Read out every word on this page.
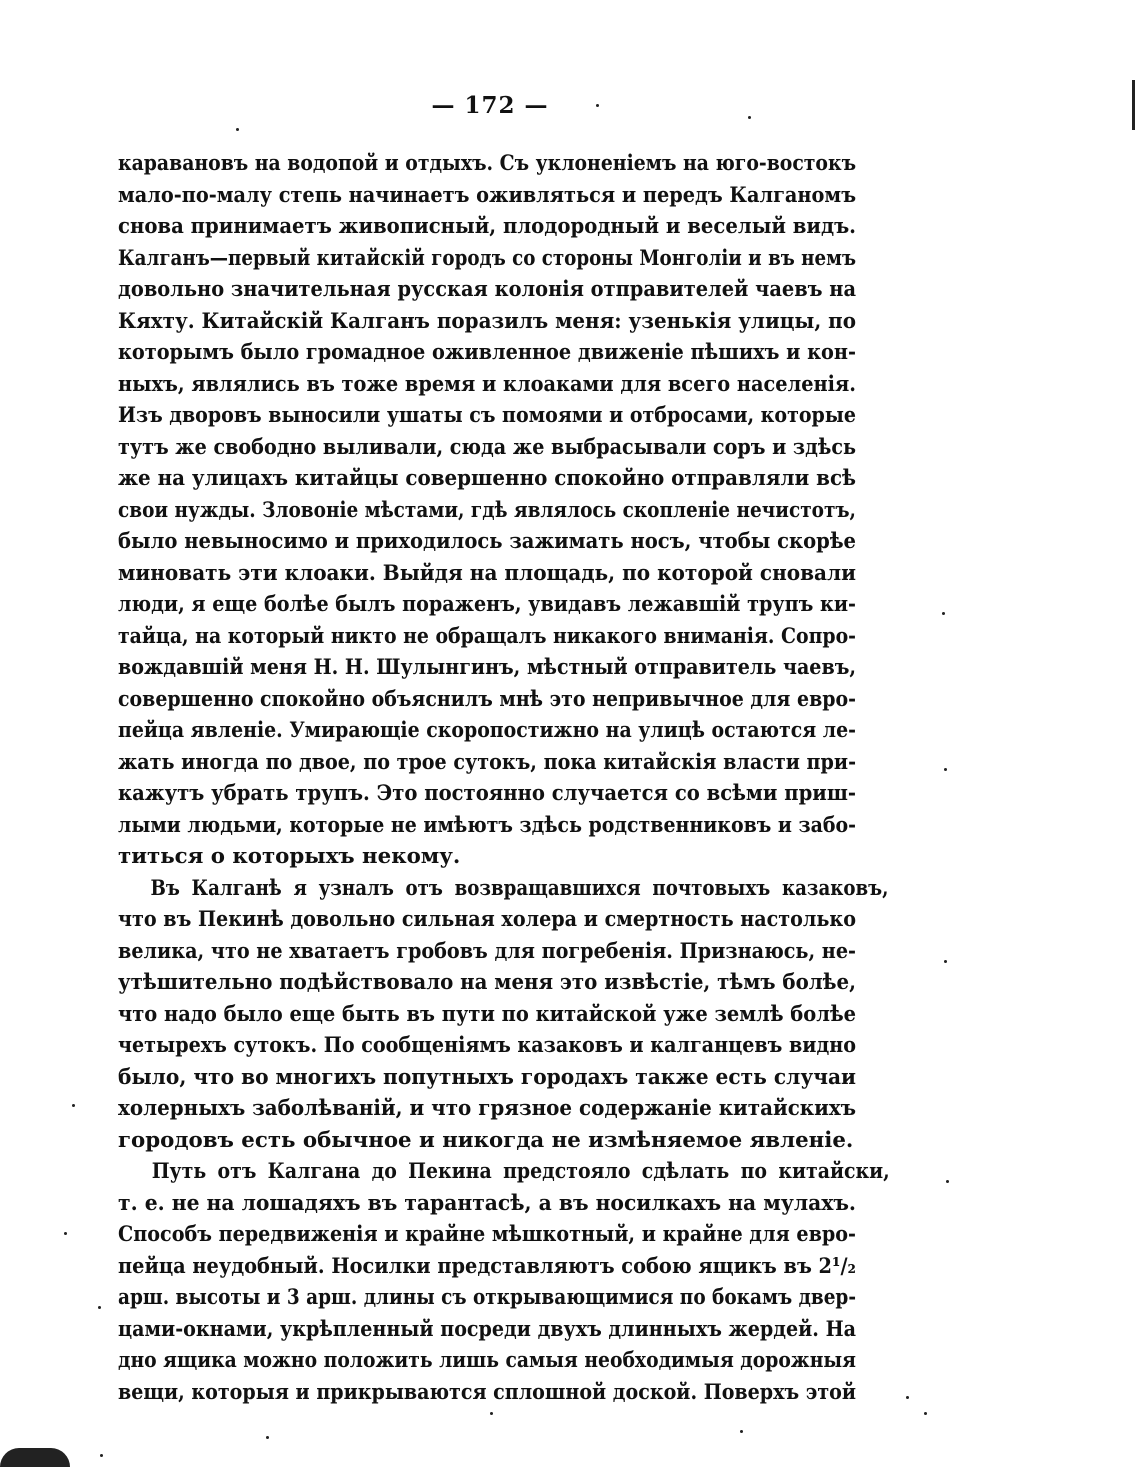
— 172 —
каравановъ на водопой и отдыхъ. Съ уклоненіемъ на юго-востокъ
мало-по-малу степь начинаетъ оживляться и передъ Калганомъ
снова принимаетъ живописный, плодородный и веселый видъ.
Калганъ—первый китайскій городъ со стороны Монголіи и въ немъ
довольно значительная русская колонія отправителей чаевъ на
Кяхту. Китайскій Калганъ поразилъ меня: узенькія улицы, по
которымъ было громадное оживленное движеніе пѣшихъ и кон-
ныхъ, являлись въ тоже время и клоаками для всего населенія.
Изъ дворовъ выносили ушаты съ помоями и отбросами, которые
тутъ же свободно выливали, сюда же выбрасывали соръ и здѣсь
же на улицахъ китайцы совершенно спокойно отправляли всѣ
свои нужды. Зловоніе мѣстами, гдѣ являлось скопленіе нечистотъ,
было невыносимо и приходилось зажимать носъ, чтобы скорѣе
миновать эти клоаки. Выйдя на площадь, по которой сновали
люди, я еще болѣе былъ пораженъ, увидавъ лежавшій трупъ ки-
тайца, на который никто не обращалъ никакого вниманія. Сопро-
вождавшій меня Н. Н. Шулынгинъ, мѣстный отправитель чаевъ,
совершенно спокойно объяснилъ мнѣ это непривычное для евро-
пейца явленіе. Умирающіе скоропостижно на улицѣ остаются ле-
жать иногда по двое, по трое сутокъ, пока китайскія власти при-
кажутъ убрать трупъ. Это постоянно случается со всѣми приш-
лыми людьми, которые не имѣютъ здѣсь родственниковъ и забо-
титься о которыхъ некому.
Въ Калганѣ я узналъ отъ возвращавшихся почтовыхъ казаковъ,
что въ Пекинѣ довольно сильная холера и смертность настолько
велика, что не хватаетъ гробовъ для погребенія. Признаюсь, не-
утѣшительно подѣйствовало на меня это извѣстіе, тѣмъ болѣе,
что надо было еще быть въ пути по китайской уже землѣ болѣе
четырехъ сутокъ. По сообщеніямъ казаковъ и калганцевъ видно
было, что во многихъ попутныхъ городахъ также есть случаи
холерныхъ заболѣваній, и что грязное содержаніе китайскихъ
городовъ есть обычное и никогда не измѣняемое явленіе.
Путь отъ Калгана до Пекина предстояло сдѣлать по китайски,
т. е. не на лошадяхъ въ тарантасѣ, а въ носилкахъ на мулахъ.
Способъ передвиженія и крайне мѣшкотный, и крайне для евро-
пейца неудобный. Носилки представляютъ собою ящикъ въ 2¹/₂
арш. высоты и 3 арш. длины съ открывающимися по бокамъ двер-
цами-окнами, укрѣпленный посреди двухъ длинныхъ жердей. На
дно ящика можно положить лишь самыя необходимыя дорожныя
вещи, которыя и прикрываются сплошной доской. Поверхъ этой
